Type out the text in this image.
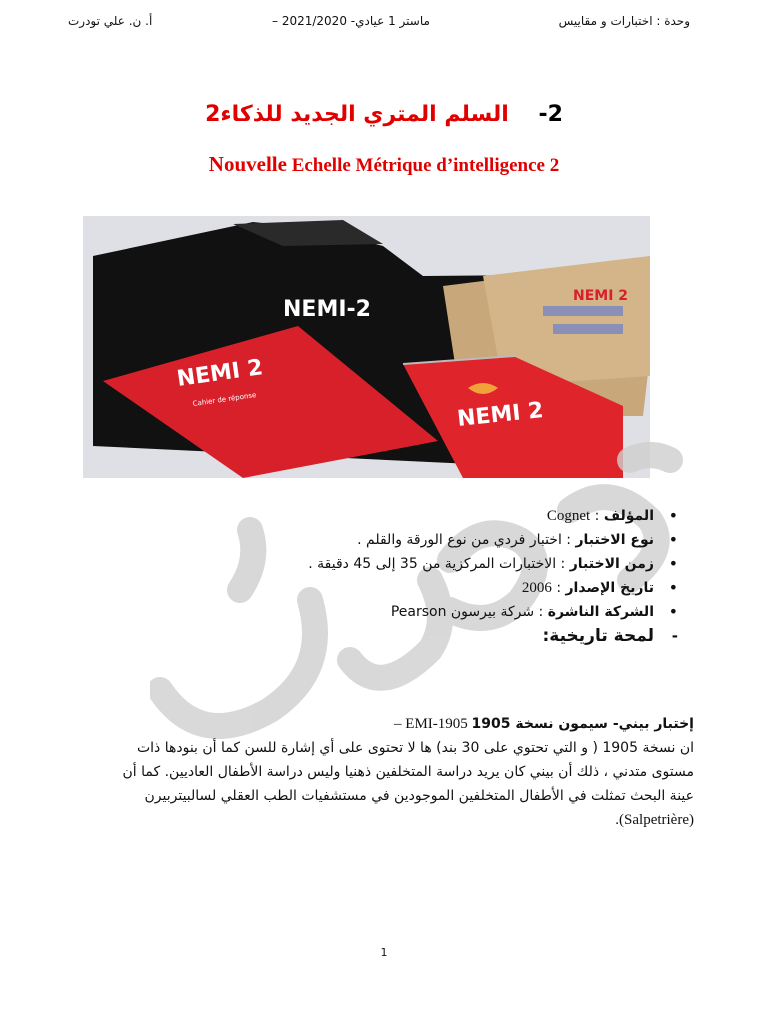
وحدة : اختبارات و مقاييس
– ماستر 1 عيادي- 2021/2020
أ. ن. علي تودرت
2- السلم المتري الجديد للذكاء2
Nouvelle Echelle Métrique d’intelligence 2
NEMI-2
NEMI 2
NEMI 2
Cahier de réponse	NEMI 2
• المؤلف : Cognet
• نوع الاختبار : اختبار فردي من نوع الورقة والقلم .
• زمن الاختبار : الاختبارات المركزية من 35 إلى 45 دقيقة .
• تاريخ الإصدار : 2006
• الشركة الناشرة : شركة بيرسون Pearson
- لمحة تاريخية:
إختبار بيني- سيمون نسخة 1905 EMI-1905 –
ان نسخة 1905 ( و التي تحتوي على 30 بند) ها لا تحتوى على أي إشارة للسن كما أن بنودها ذات
مستوى متدني ، ذلك أن بيني كان يريد دراسة المتخلفين ذهنيا وليس دراسة الأطفال العاديين. كما أن
عينة البحث تمثلت في الأطفال المتخلفين الموجودين في مستشفيات الطب العقلي لسالبيتربيرن
(Salpetrière).
1
